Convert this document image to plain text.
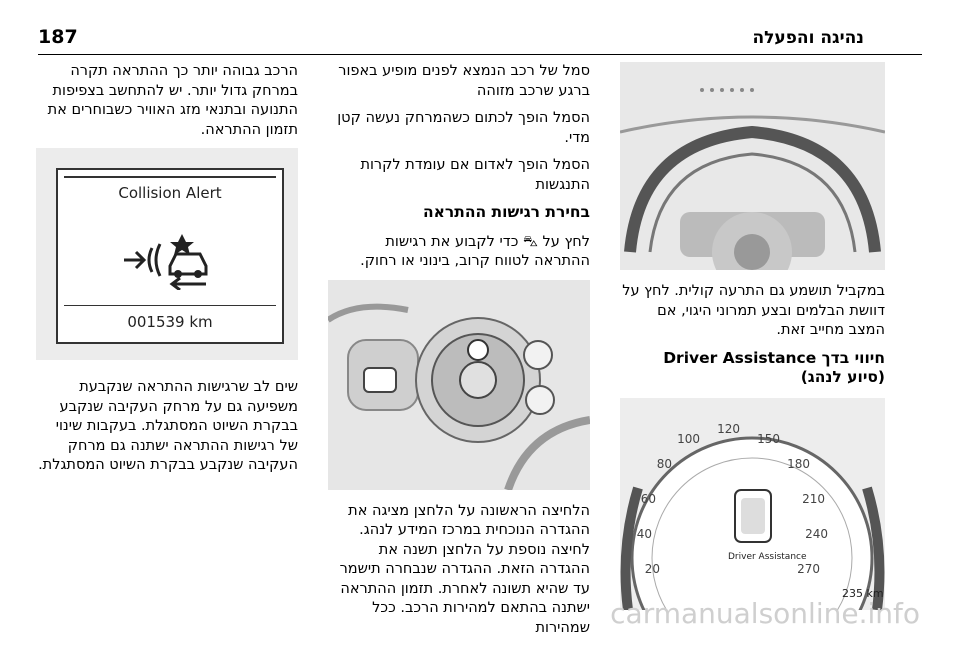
187	נהיגה והפעלה

במקביל תושמע גם התרעה קולית. לחץ על דוושת הבלמים ובצע תמרוני היגוי, אם המצב מחייב זאת.

חיווי בדך Driver Assistance (סיוע לנהג)
20
40
60
80
100
120
150
180
210
240
270
Driver Assistance
235 km

סמל של רכב הנמצא לפנים מופיע באפור ברגע שרכב מזוהה

הסמל הופך לכתום כשהמרחק נעשה קטן מדי.

הסמל הופך לאדום אם עומדת לקרות התנגשות

בחירת רגישות ההתראה

לחץ על ⛍ כדי לקבוע את רגישות ההתראה לטווח קרוב, בינוני או רחוק.

הלחיצה הראשונה על הלחצן מציגה את ההגדרה הנוכחית במרכז המידע לנהג. לחיצה נוספת על הלחצן תשנה את ההגדרה הזאת. ההגדרה שנבחרה תישמר עד שהיא תשונה לאחרת. תזמון ההתראה ישתנה בהתאם למהירות הרכב. ככל שמהירות

הרכב גבוהה יותר כך ההתראה תקרה במרחק גדול יותר. יש להתחשב בצפיפות התנועה ובתנאי מזג האוויר כשבוחרים את תזמון ההתראה.

Collision Alert
001539 km

שים לב שרגישות ההתראה שנקבעת משפיעה גם על מרחק העקיבה שנקבע בבקרת השיוט המסתגלת. בעקבות שינוי של רגישות ההתראה ישתנה גם מרחק העקיבה שנקבע בבקרת השיוט המסתגלת.

carmanualsonline.info
